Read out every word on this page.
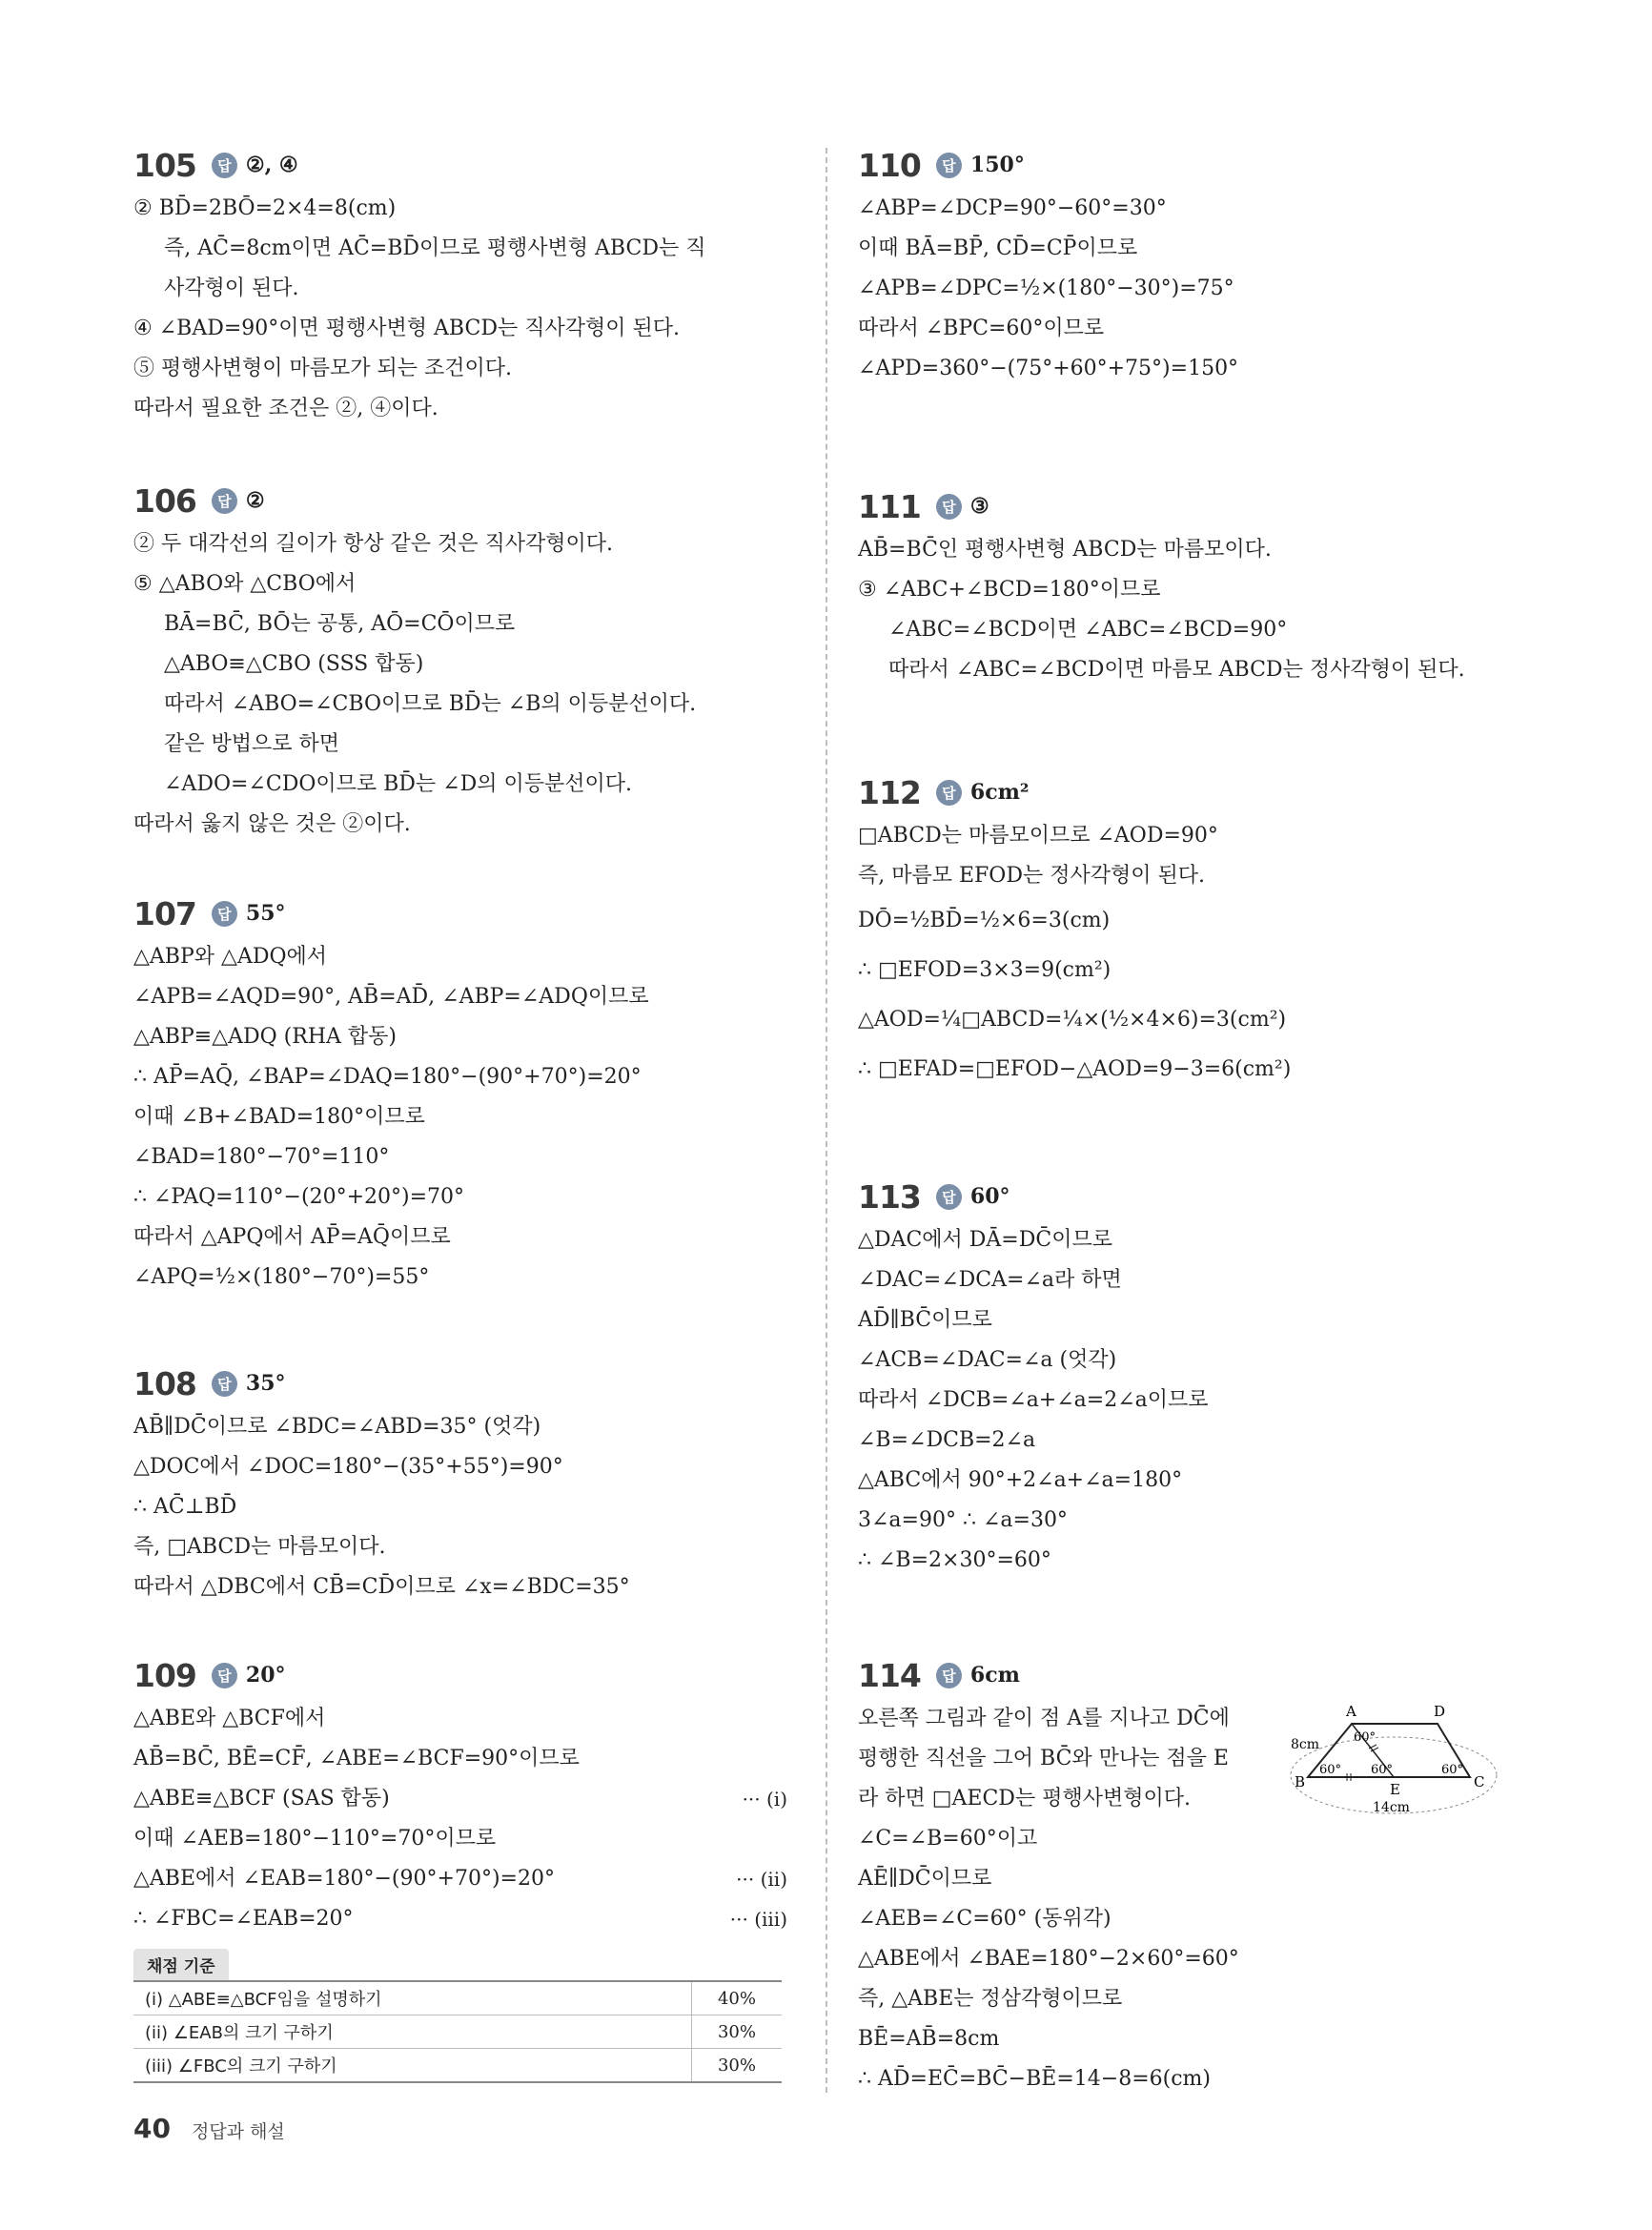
105	답 ②, ④
② BD̄=2BŌ=2×4=8(cm)
즉, AC̄=8cm이면 AC̄=BD̄이므로 평행사변형 ABCD는 직
사각형이 된다.
④ ∠BAD=90°이면 평행사변형 ABCD는 직사각형이 된다.
⑤ 평행사변형이 마름모가 되는 조건이다.
따라서 필요한 조건은 ②, ④이다.
106	답 ②
② 두 대각선의 길이가 항상 같은 것은 직사각형이다.
⑤ △ABO와 △CBO에서
BĀ=BC̄, BŌ는 공통, AŌ=CŌ이므로
△ABO≡△CBO (SSS 합동)
따라서 ∠ABO=∠CBO이므로 BD̄는 ∠B의 이등분선이다.
같은 방법으로 하면
∠ADO=∠CDO이므로 BD̄는 ∠D의 이등분선이다.
따라서 옳지 않은 것은 ②이다.
107	답 55°
△ABP와 △ADQ에서
∠APB=∠AQD=90°, AB̄=AD̄, ∠ABP=∠ADQ이므로
△ABP≡△ADQ (RHA 합동)
∴ AP̄=AQ̄, ∠BAP=∠DAQ=180°−(90°+70°)=20°
이때 ∠B+∠BAD=180°이므로
∠BAD=180°−70°=110°
∴ ∠PAQ=110°−(20°+20°)=70°
따라서 △APQ에서 AP̄=AQ̄이므로
∠APQ=½×(180°−70°)=55°
108	답 35°
AB̄∥DC̄이므로 ∠BDC=∠ABD=35° (엇각)
△DOC에서 ∠DOC=180°−(35°+55°)=90°
∴ AC̄⊥BD̄
즉, □ABCD는 마름모이다.
따라서 △DBC에서 CB̄=CD̄이므로 ∠x=∠BDC=35°
109	답 20°
△ABE와 △BCF에서
AB̄=BC̄, BĒ=CF̄, ∠ABE=∠BCF=90°이므로
△ABE≡△BCF (SAS 합동)	··· (i)
이때 ∠AEB=180°−110°=70°이므로
△ABE에서 ∠EAB=180°−(90°+70°)=20°	··· (ii)
∴ ∠FBC=∠EAB=20°	··· (iii)
채점 기준
(i) △ABE≡△BCF임을 설명하기	40%
(ii) ∠EAB의 크기 구하기	30%
(iii) ∠FBC의 크기 구하기	30%
110	답 150°
∠ABP=∠DCP=90°−60°=30°
이때 BĀ=BP̄, CD̄=CP̄이므로
∠APB=∠DPC=½×(180°−30°)=75°
따라서 ∠BPC=60°이므로
∠APD=360°−(75°+60°+75°)=150°
111	답 ③
AB̄=BC̄인 평행사변형 ABCD는 마름모이다.
③ ∠ABC+∠BCD=180°이므로
∠ABC=∠BCD이면 ∠ABC=∠BCD=90°
따라서 ∠ABC=∠BCD이면 마름모 ABCD는 정사각형이 된다.
112	답 6cm²
□ABCD는 마름모이므로 ∠AOD=90°
즉, 마름모 EFOD는 정사각형이 된다.
DŌ=½BD̄=½×6=3(cm)
∴ □EFOD=3×3=9(cm²)
△AOD=¼□ABCD=¼×(½×4×6)=3(cm²)
∴ □EFAD=□EFOD−△AOD=9−3=6(cm²)
113	답 60°
△DAC에서 DĀ=DC̄이므로
∠DAC=∠DCA=∠a라 하면
AD̄∥BC̄이므로
∠ACB=∠DAC=∠a (엇각)
따라서 ∠DCB=∠a+∠a=2∠a이므로
∠B=∠DCB=2∠a
△ABC에서 90°+2∠a+∠a=180°
3∠a=90° ∴ ∠a=30°
∴ ∠B=2×30°=60°
114	답 6cm
오른쪽 그림과 같이 점 A를 지나고 DC̄에
평행한 직선을 그어 BC̄와 만나는 점을 E
라 하면 □AECD는 평행사변형이다.
∠C=∠B=60°이고
AĒ∥DC̄이므로
∠AEB=∠C=60° (동위각)
△ABE에서 ∠BAE=180°−2×60°=60°
즉, △ABE는 정삼각형이므로
BĒ=AB̄=8cm
∴ AD̄=EC̄=BC̄−BĒ=14−8=6(cm)
A	D
B	E	C
8cm
14cm
60°
60° 60°	60°
40 정답과 해설
